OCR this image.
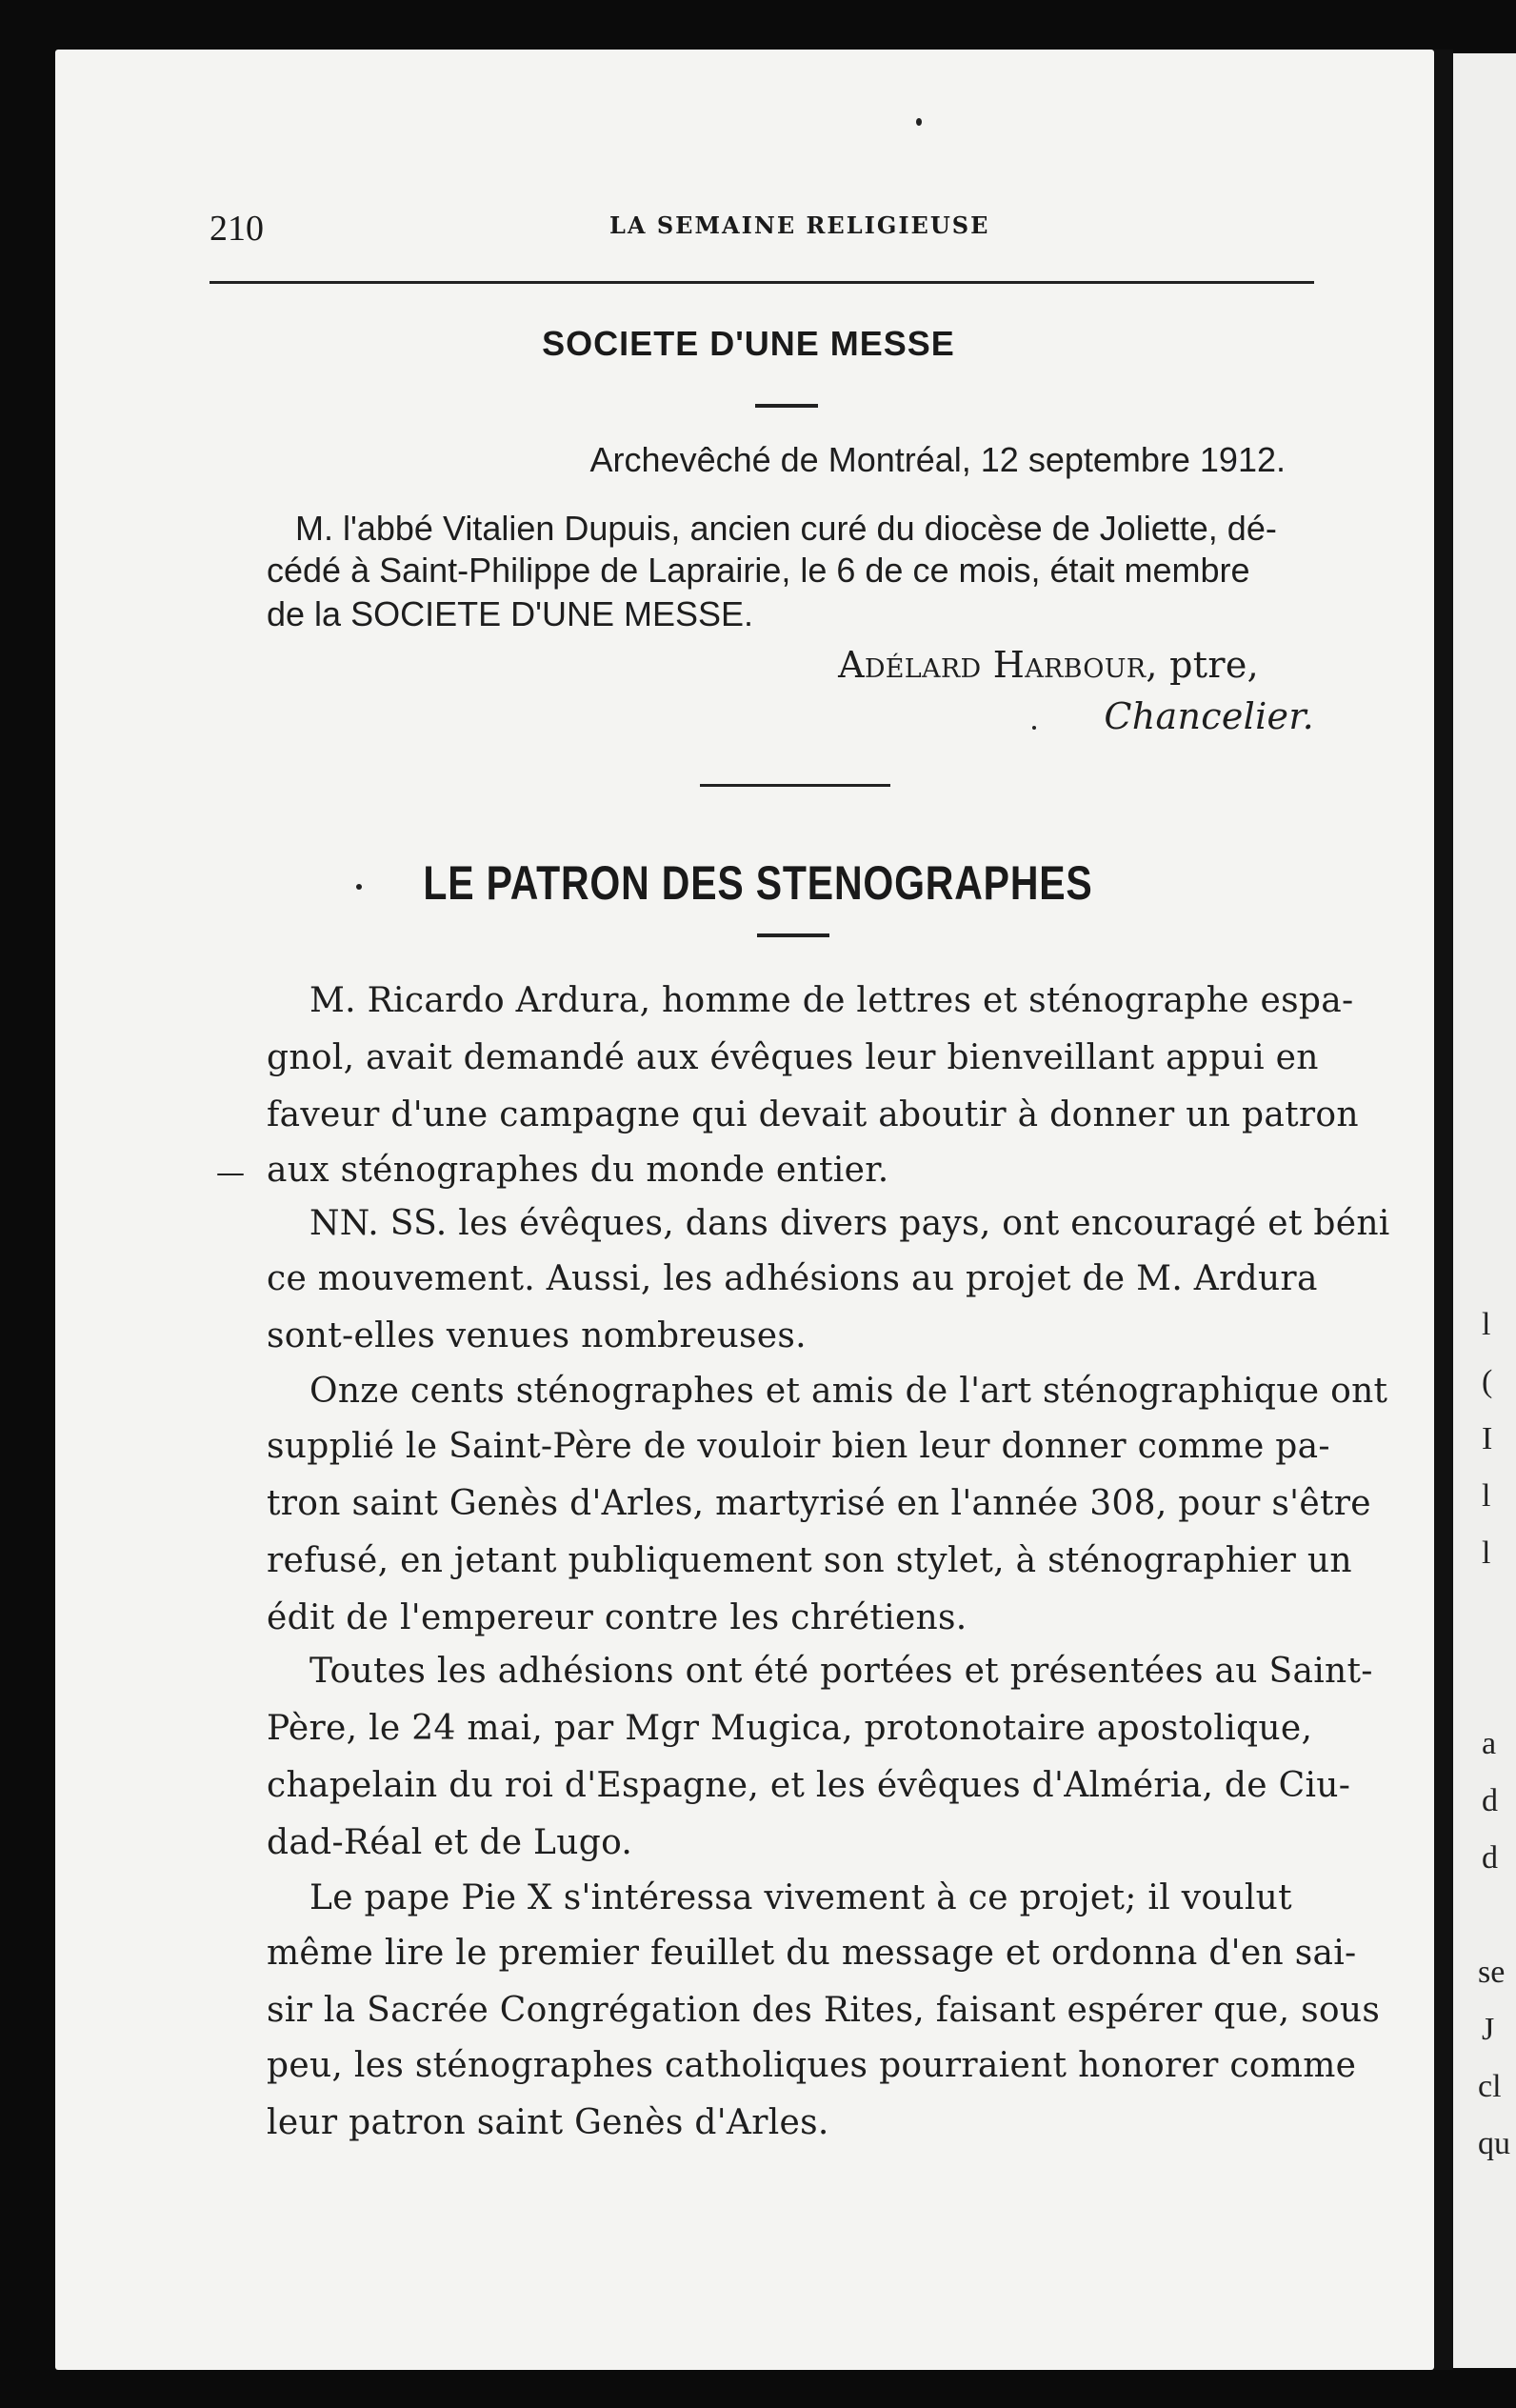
l
(
I
l
l
a
d
d
se
J
cl
qu
210	LA SEMAINE RELIGIEUSE
SOCIETE D'UNE MESSE
Archevêché de Montréal, 12 septembre 1912.
M. l'abbé Vitalien Dupuis, ancien curé du diocèse de Joliette, dé-
cédé à Saint-Philippe de Laprairie, le 6 de ce mois, était membre
de la SOCIETE D'UNE MESSE.
Adélard Harbour, ptre,
Chancelier.
LE PATRON DES STENOGRAPHES
M. Ricardo Ardura, homme de lettres et sténographe espa-
gnol, avait demandé aux évêques leur bienveillant appui en
faveur d'une campagne qui devait aboutir à donner un patron
aux sténographes du monde entier.
NN. SS. les évêques, dans divers pays, ont encouragé et béni
ce mouvement. Aussi, les adhésions au projet de M. Ardura
sont-elles venues nombreuses.
Onze cents sténographes et amis de l'art sténographique ont
supplié le Saint-Père de vouloir bien leur donner comme pa-
tron saint Genès d'Arles, martyrisé en l'année 308, pour s'être
refusé, en jetant publiquement son stylet, à sténographier un
édit de l'empereur contre les chrétiens.
Toutes les adhésions ont été portées et présentées au Saint-
Père, le 24 mai, par Mgr Mugica, protonotaire apostolique,
chapelain du roi d'Espagne, et les évêques d'Alméria, de Ciu-
dad-Réal et de Lugo.
Le pape Pie X s'intéressa vivement à ce projet; il voulut
même lire le premier feuillet du message et ordonna d'en sai-
sir la Sacrée Congrégation des Rites, faisant espérer que, sous
peu, les sténographes catholiques pourraient honorer comme
leur patron saint Genès d'Arles.
